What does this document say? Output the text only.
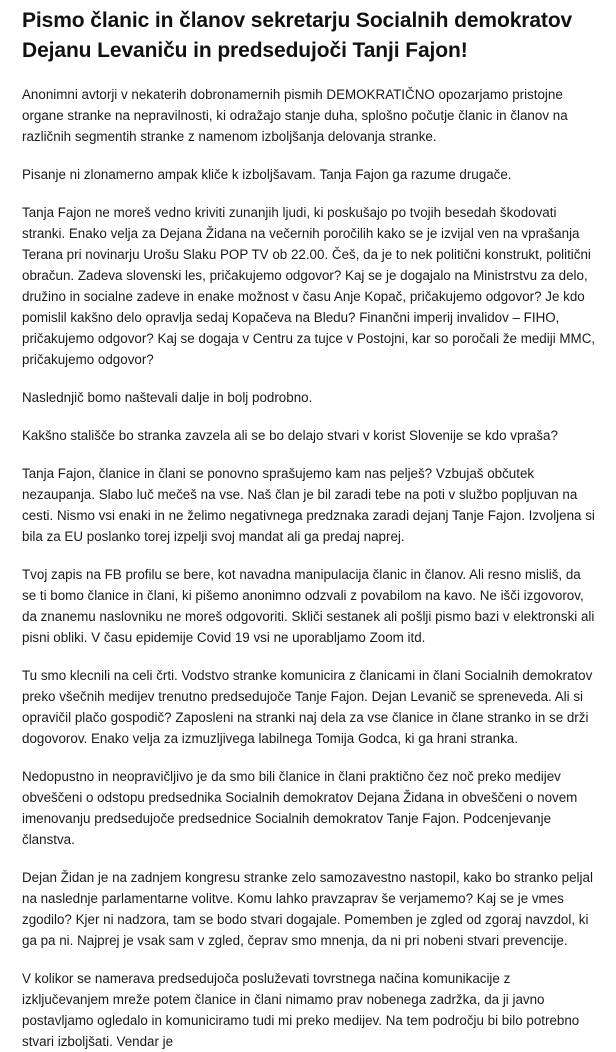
Pismo članic in članov sekretarju Socialnih demokratov
Dejanu Levaniču in predsedujoči Tanji Fajon!

Anonimni avtorji v nekaterih dobronamernih pismih DEMOKRATIČNO opozarjamo pristojne organe stranke na nepravilnosti, ki odražajo stanje duha, splošno počutje članic in članov na različnih segmentih stranke z namenom izboljšanja delovanja stranke.

Pisanje ni zlonamerno ampak kliče k izboljšavam. Tanja Fajon ga razume drugače.

Tanja Fajon ne moreš vedno kriviti zunanjih ljudi, ki poskušajo po tvojih besedah škodovati stranki. Enako velja za Dejana Židana na večernih poročilih kako se je izvijal ven na vprašanja Terana pri novinarju Urošu Slaku POP TV ob 22.00. Češ, da je to nek politični konstrukt, politični obračun. Zadeva slovenski les, pričakujemo odgovor? Kaj se je dogajalo na Ministrstvu za delo, družino in socialne zadeve in enake možnost v času Anje Kopač, pričakujemo odgovor? Je kdo pomislil kakšno delo opravlja sedaj Kopačeva na Bledu? Finančni imperij invalidov – FIHO, pričakujemo odgovor? Kaj se dogaja v Centru za tujce v Postojni, kar so poročali že mediji MMC, pričakujemo odgovor?

Naslednjič bomo naštevali dalje in bolj podrobno.

Kakšno stališče bo stranka zavzela ali se bo delajo stvari v korist Slovenije se kdo vpraša?

Tanja Fajon, članice in člani se ponovno sprašujemo kam nas pelješ? Vzbujaš občutek nezaupanja. Slabo luč mečeš na vse. Naš član je bil zaradi tebe na poti v službo popljuvan na cesti. Nismo vsi enaki in ne želimo negativnega predznaka zaradi dejanj Tanje Fajon. Izvoljena si bila za EU poslanko torej izpelji svoj mandat ali ga predaj naprej.

Tvoj zapis na FB profilu se bere, kot navadna manipulacija članic in članov. Ali resno misliš, da se ti bomo članice in člani, ki pišemo anonimno odzvali z povabilom na kavo. Ne išči izgovorov, da znanemu naslovniku ne moreš odgovoriti. Skliči sestanek ali pošlji pismo bazi v elektronski ali pisni obliki. V času epidemije Covid 19 vsi ne uporabljamo Zoom itd.

Tu smo klecnili na celi črti. Vodstvo stranke komunicira z članicami in člani Socialnih demokratov preko všečnih medijev trenutno predsedujoče Tanje Fajon. Dejan Levanič se sprenevеda. Ali si opravičil plačo gospodič? Zaposleni na stranki naj dela za vse članice in člane stranko in se drži dogovorov. Enako velja za izmuzljivega labilnega Tomija Godca, ki ga hrani stranka.

Nedopustno in neopravičljivo je da smo bili članice in člani praktično čez noč preko medijev obveščeni o odstopu predsednika Socialnih demokratov Dejana Židana in obveščeni o novem imenovanju predsedujoče predsednice Socialnih demokratov Tanje Fajon. Podcenjevanje članstva.

Dejan Židan je na zadnjem kongresu stranke zelo samozavestno nastopil, kako bo stranko peljal na naslednje parlamentarne volitve. Komu lahko pravzaprav še verjamemo? Kaj se je vmes zgodilo? Kjer ni nadzora, tam se bodo stvari dogajale. Pomemben je zgled od zgoraj navzdol, ki ga pa ni. Najprej je vsak sam v zgled, čeprav smo mnenja, da ni pri nobeni stvari prevencije.

V kolikor se namerava predsedujoča posluževati tovrstnega načina komunikacije z izključevanjem mreže potem članice in člani nimamo prav nobenega zadržka, da ji javno postavljamo ogledalo in komuniciramo tudi mi preko medijev. Na tem področju bi bilo potrebno stvari izboljšati. Vendar je
